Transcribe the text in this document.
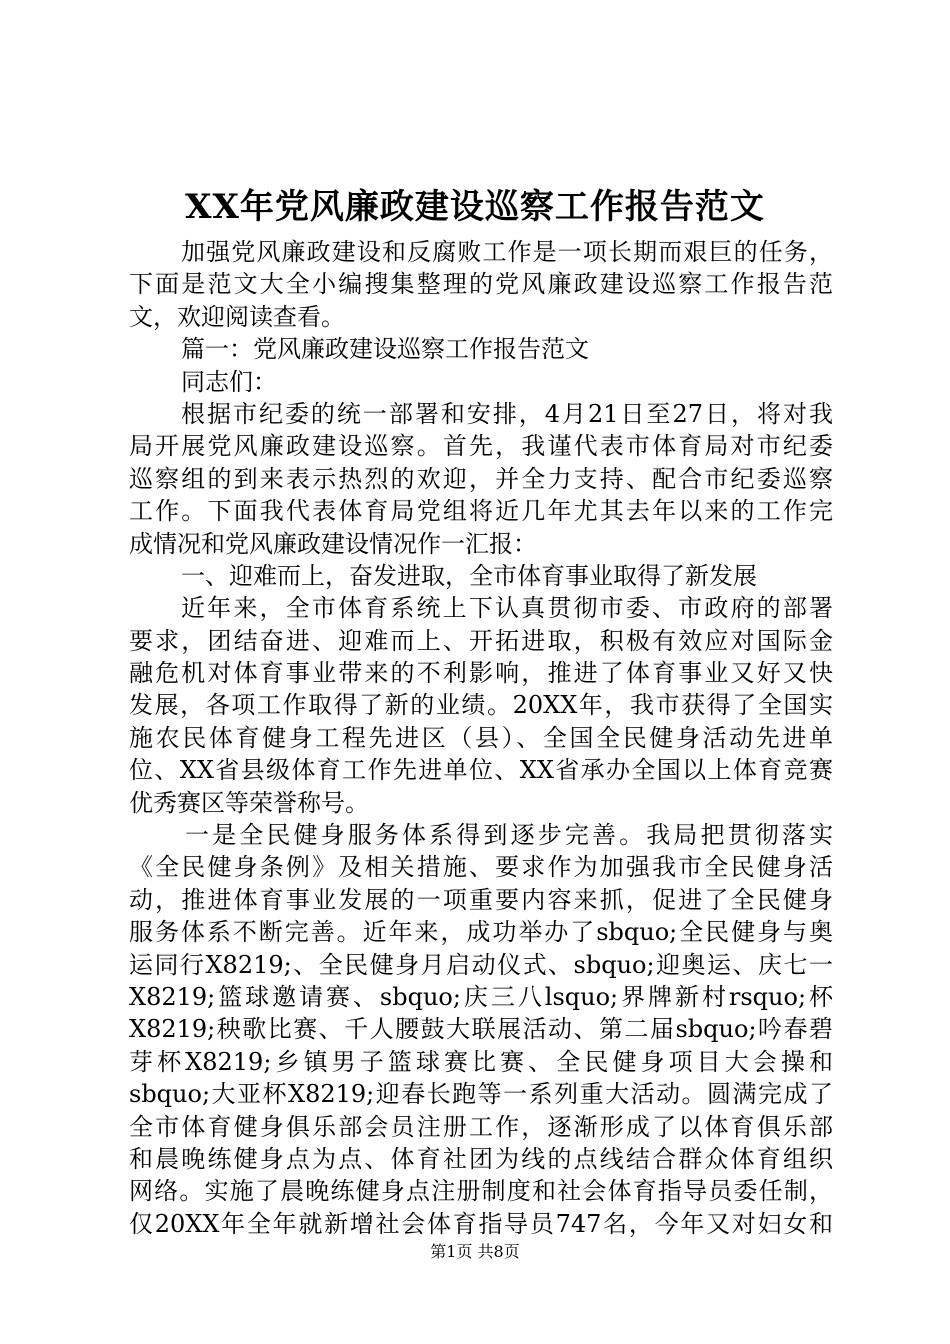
XX年党风廉政建设巡察工作报告范文
加强党风廉政建设和反腐败工作是一项长期而艰巨的任务，
下面是范文大全小编搜集整理的党风廉政建设巡察工作报告范
文，欢迎阅读查看。
篇一：党风廉政建设巡察工作报告范文
同志们：
根据市纪委的统一部署和安排，4月21日至27日，将对我
局开展党风廉政建设巡察。首先，我谨代表市体育局对市纪委
巡察组的到来表示热烈的欢迎，并全力支持、配合市纪委巡察
工作。下面我代表体育局党组将近几年尤其去年以来的工作完
成情况和党风廉政建设情况作一汇报：
一、迎难而上，奋发进取，全市体育事业取得了新发展
近年来，全市体育系统上下认真贯彻市委、市政府的部署
要求，团结奋进、迎难而上、开拓进取，积极有效应对国际金
融危机对体育事业带来的不利影响，推进了体育事业又好又快
发展，各项工作取得了新的业绩。20XX年，我市获得了全国实
施农民体育健身工程先进区（县）、全国全民健身活动先进单
位、XX省县级体育工作先进单位、XX省承办全国以上体育竞赛
优秀赛区等荣誉称号。
一是全民健身服务体系得到逐步完善。我局把贯彻落实
《全民健身条例》及相关措施、要求作为加强我市全民健身活
动，推进体育事业发展的一项重要内容来抓，促进了全民健身
服务体系不断完善。近年来，成功举办了sbquo;全民健身与奥
运同行X8219;、全民健身月启动仪式、sbquo;迎奥运、庆七一
X8219;篮球邀请赛、sbquo;庆三八lsquo;界牌新村rsquo;杯
X8219;秧歌比赛、千人腰鼓大联展活动、第二届sbquo;吟春碧
芽杯X8219;乡镇男子篮球赛比赛、全民健身项目大会操和
sbquo;大亚杯X8219;迎春长跑等一系列重大活动。圆满完成了
全市体育健身俱乐部会员注册工作，逐渐形成了以体育俱乐部
和晨晚练健身点为点、体育社团为线的点线结合群众体育组织
网络。实施了晨晚练健身点注册制度和社会体育指导员委任制，
仅20XX年全年就新增社会体育指导员747名，今年又对妇女和
第1页 共8页
